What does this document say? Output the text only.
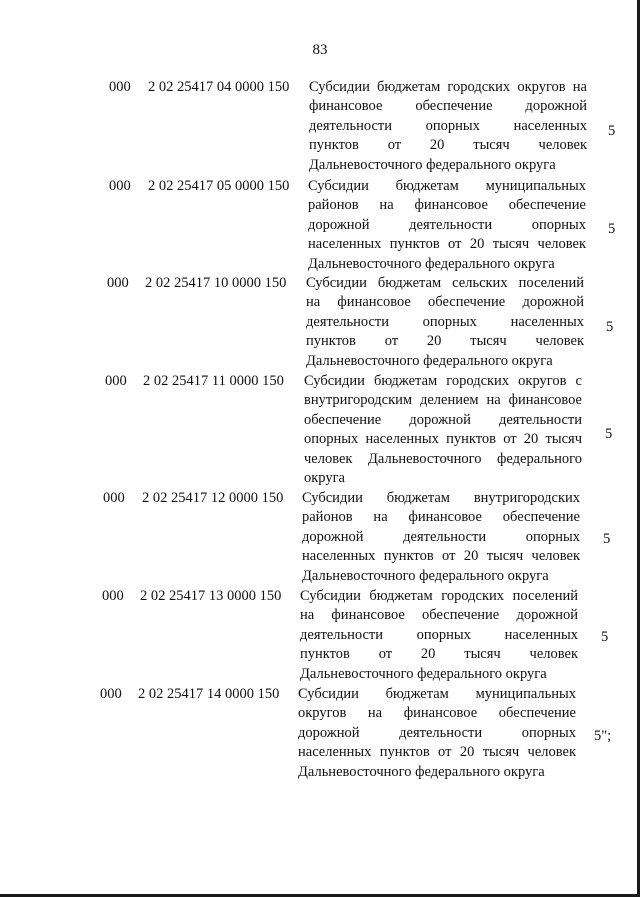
83
000 2 02 25417 04 0000 150 Субсидии бюджетам городских округов на
финансовое обеспечение дорожной
деятельности опорных населенных
пунктов от 20 тысяч человек
Дальневосточного федерального округа
5
000 2 02 25417 05 0000 150 Субсидии бюджетам муниципальных
районов на финансовое обеспечение
дорожной деятельности опорных
населенных пунктов от 20 тысяч человек
Дальневосточного федерального округа
5
000 2 02 25417 10 0000 150 Субсидии бюджетам сельских поселений
на финансовое обеспечение дорожной
деятельности опорных населенных
пунктов от 20 тысяч человек
Дальневосточного федерального округа
5
000 2 02 25417 11 0000 150 Субсидии бюджетам городских округов с
внутригородским делением на финансовое
обеспечение дорожной деятельности
опорных населенных пунктов от 20 тысяч
человек Дальневосточного федерального
округа
5
000 2 02 25417 12 0000 150 Субсидии бюджетам внутригородских
районов на финансовое обеспечение
дорожной деятельности опорных
населенных пунктов от 20 тысяч человек
Дальневосточного федерального округа
5
000 2 02 25417 13 0000 150 Субсидии бюджетам городских поселений
на финансовое обеспечение дорожной
деятельности опорных населенных
пунктов от 20 тысяч человек
Дальневосточного федерального округа
5
000 2 02 25417 14 0000 150 Субсидии бюджетам муниципальных
округов на финансовое обеспечение
дорожной деятельности опорных
населенных пунктов от 20 тысяч человек
Дальневосточного федерального округа
5";
